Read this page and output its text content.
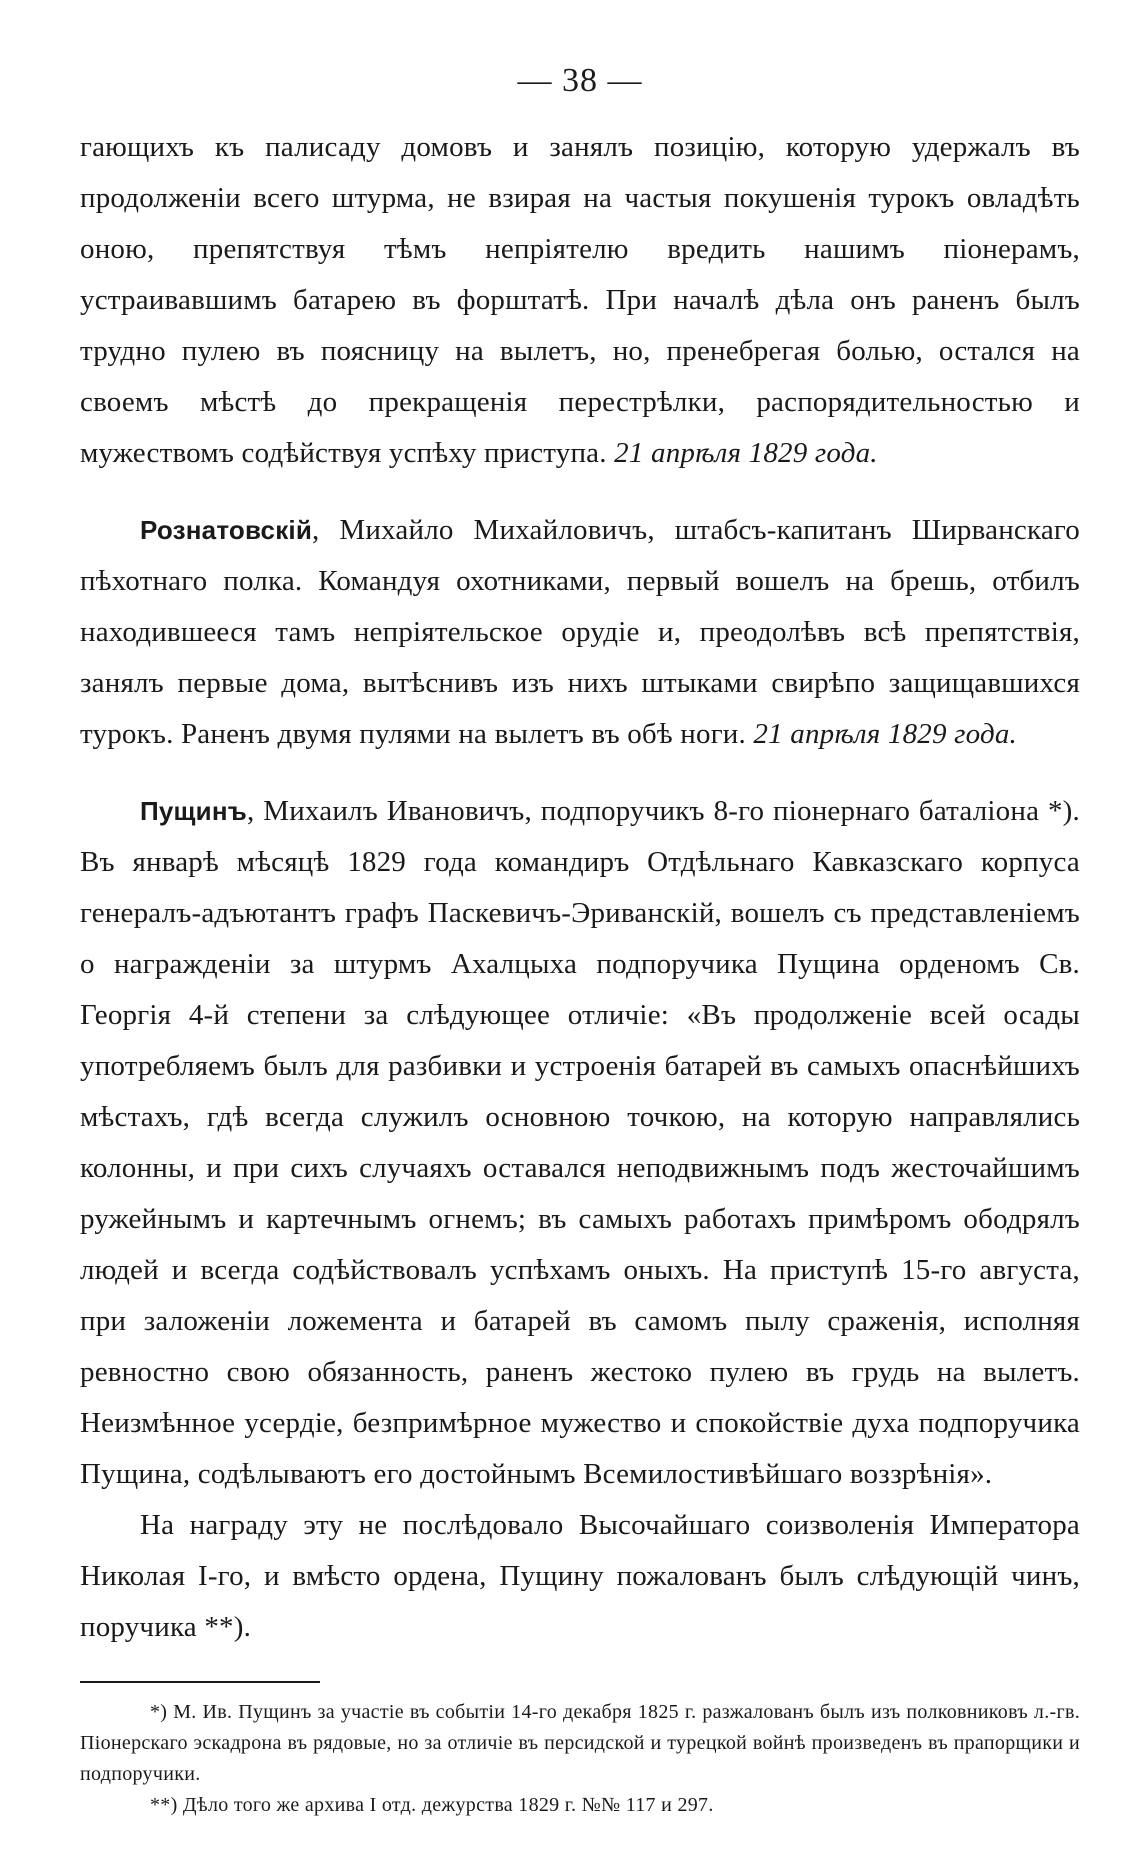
— 38 —

гающихъ къ палисаду домовъ и занялъ позицію, которую удержалъ въ продолженіи всего штурма, не взирая на частыя покушенія турокъ овладѣть оною, препятствуя тѣмъ непріятелю вредить нашимъ піонерамъ, устраивавшимъ батарею въ форштатѣ. При началѣ дѣла онъ раненъ былъ трудно пулею въ поясницу на вылетъ, но, пренебрегая болью, остался на своемъ мѣстѣ до прекращенія перестрѣлки, распорядительностью и мужествомъ содѣйствуя успѣху приступа. 21 апрѣля 1829 года.

Рознатовскій, Михайло Михайловичъ, штабсъ-капитанъ Ширванскаго пѣхотнаго полка. Командуя охотниками, первый вошелъ на брешь, отбилъ находившееся тамъ непріятельское орудіе и, преодолѣвъ всѣ препятствія, занялъ первые дома, вытѣснивъ изъ нихъ штыками свирѣпо защищавшихся турокъ. Раненъ двумя пулями на вылетъ въ обѣ ноги. 21 апрѣля 1829 года.

Пущинъ, Михаилъ Ивановичъ, подпоручикъ 8-го піонернаго баталіона *). Въ январѣ мѣсяцѣ 1829 года командиръ Отдѣльнаго Кавказскаго корпуса генералъ-адъютантъ графъ Паскевичъ-Эриванскій, вошелъ съ представленіемъ о награжденіи за штурмъ Ахалцыха подпоручика Пущина орденомъ Св. Георгія 4-й степени за слѣдующее отличіе: «Въ продолженіе всей осады употребляемъ былъ для разбивки и устроенія батарей въ самыхъ опаснѣйшихъ мѣстахъ, гдѣ всегда служилъ основною точкою, на которую направлялись колонны, и при сихъ случаяхъ оставался неподвижнымъ подъ жесточайшимъ ружейнымъ и картечнымъ огнемъ; въ самыхъ работахъ примѣромъ ободрялъ людей и всегда содѣйствовалъ успѣхамъ оныхъ. На приступѣ 15-го августа, при заложеніи ложемента и батарей въ самомъ пылу сраженія, исполняя ревностно свою обязанность, раненъ жестоко пулею въ грудь на вылетъ. Неизмѣнное усердіе, безпримѣрное мужество и спокойствіе духа подпоручика Пущина, содѣлываютъ его достойнымъ Всемилостивѣйшаго воззрѣнія».

На награду эту не послѣдовало Высочайшаго соизволенія Императора Николая I-го, и вмѣсто ордена, Пущину пожалованъ былъ слѣдующій чинъ, поручика **).

*) М. Ив. Пущинъ за участіе въ событіи 14-го декабря 1825 г. разжалованъ былъ изъ полковниковъ л.-гв. Піонерскаго эскадрона въ рядовые, но за отличіе въ персидской и турецкой войнѣ произведенъ въ прапорщики и подпоручики.

**) Дѣло того же архива I отд. дежурства 1829 г. №№ 117 и 297.
